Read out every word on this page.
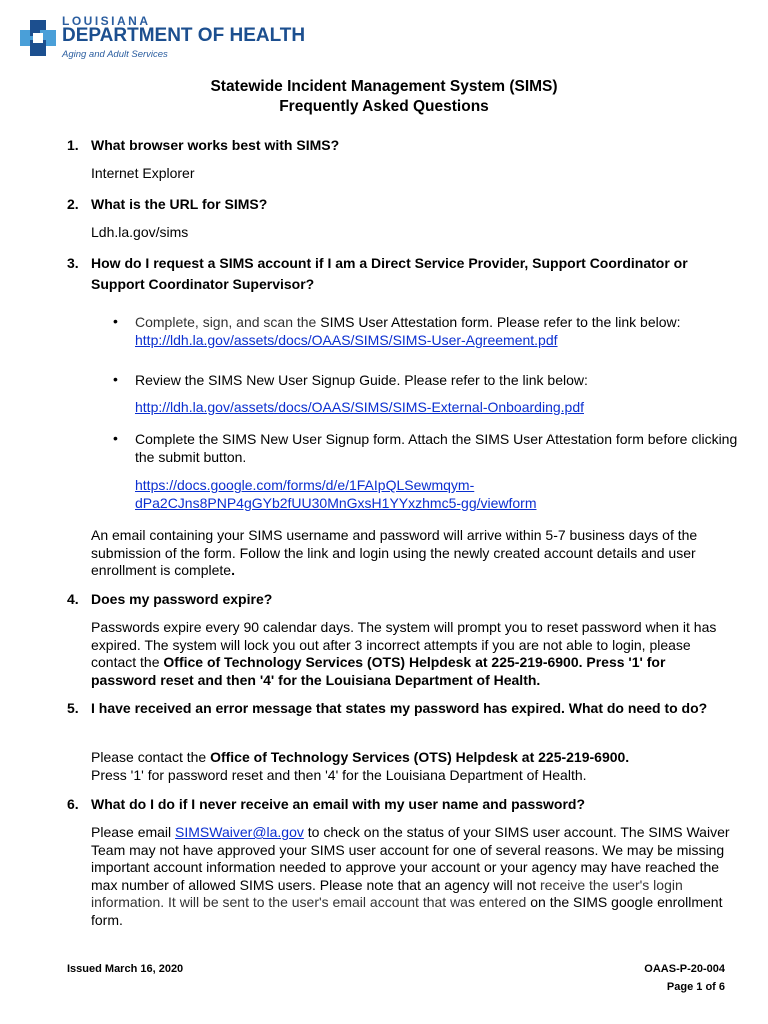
LOUISIANA
DEPARTMENT OF HEALTH
Aging and Adult Services
Statewide Incident Management System (SIMS)
Frequently Asked Questions
1. What browser works best with SIMS?
Internet Explorer
2. What is the URL for SIMS?
Ldh.la.gov/sims
3. How do I request a SIMS account if I am a Direct Service Provider, Support Coordinator or Support Coordinator Supervisor?
• Complete, sign, and scan the SIMS User Attestation form. Please refer to the link below:
http://ldh.la.gov/assets/docs/OAAS/SIMS/SIMS-User-Agreement.pdf
• Review the SIMS New User Signup Guide. Please refer to the link below:
http://ldh.la.gov/assets/docs/OAAS/SIMS/SIMS-External-Onboarding.pdf
• Complete the SIMS New User Signup form. Attach the SIMS User Attestation form before clicking the submit button.
https://docs.google.com/forms/d/e/1FAIpQLSewmqym-
dPa2CJns8PNP4gGYb2fUU30MnGxsH1YYxzhmc5-gg/viewform
An email containing your SIMS username and password will arrive within 5-7 business days of the submission of the form. Follow the link and login using the newly created account details and user enrollment is complete.
4. Does my password expire?
Passwords expire every 90 calendar days. The system will prompt you to reset password when it has expired. The system will lock you out after 3 incorrect attempts if you are not able to login, please contact the Office of Technology Services (OTS) Helpdesk at 225-219-6900. Press '1' for password reset and then '4' for the Louisiana Department of Health.
5. I have received an error message that states my password has expired. What do need to do?
Please contact the Office of Technology Services (OTS) Helpdesk at 225-219-6900.
Press '1' for password reset and then '4' for the Louisiana Department of Health.
6. What do I do if I never receive an email with my user name and password?
Please email SIMSWaiver@la.gov to check on the status of your SIMS user account. The SIMS Waiver Team may not have approved your SIMS user account for one of several reasons. We may be missing important account information needed to approve your account or your agency may have reached the max number of allowed SIMS users. Please note that an agency will not receive the user's login information. It will be sent to the user's email account that was entered on the SIMS google enrollment form.
Issued March 16, 2020	OAAS-P-20-004
Page 1 of 6
